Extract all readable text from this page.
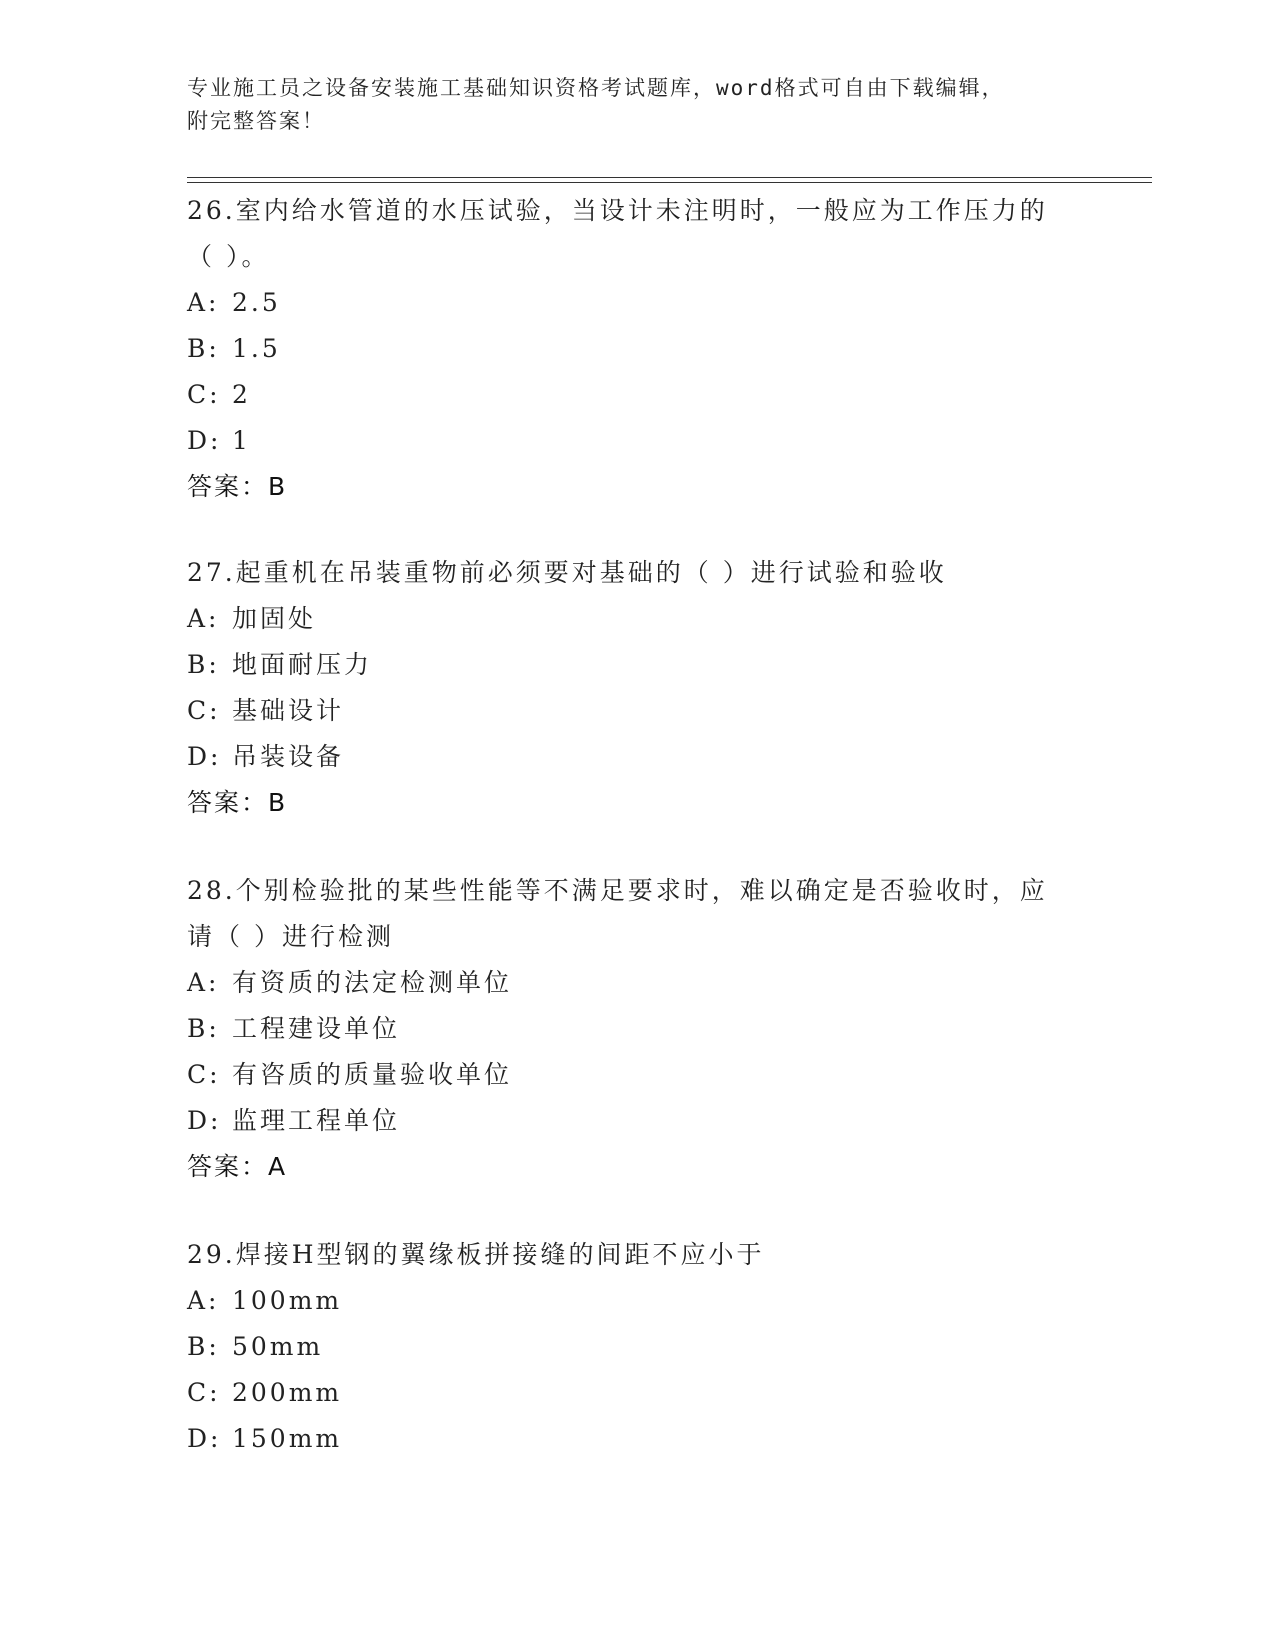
专业施工员之设备安装施工基础知识资格考试题库，word格式可自由下载编辑，
附完整答案！
26.室内给水管道的水压试验，当设计未注明时，一般应为工作压力的
（ ）。
A: 2.5
B: 1.5
C: 2
D: 1
答案：B
27.起重机在吊装重物前必须要对基础的（ ）进行试验和验收
A: 加固处
B: 地面耐压力
C: 基础设计
D: 吊装设备
答案：B
28.个别检验批的某些性能等不满足要求时，难以确定是否验收时，应
请（ ）进行检测
A: 有资质的法定检测单位
B: 工程建设单位
C: 有咨质的质量验收单位
D: 监理工程单位
答案：A
29.焊接H型钢的翼缘板拼接缝的间距不应小于
A: 100mm
B: 50mm
C: 200mm
D: 150mm
